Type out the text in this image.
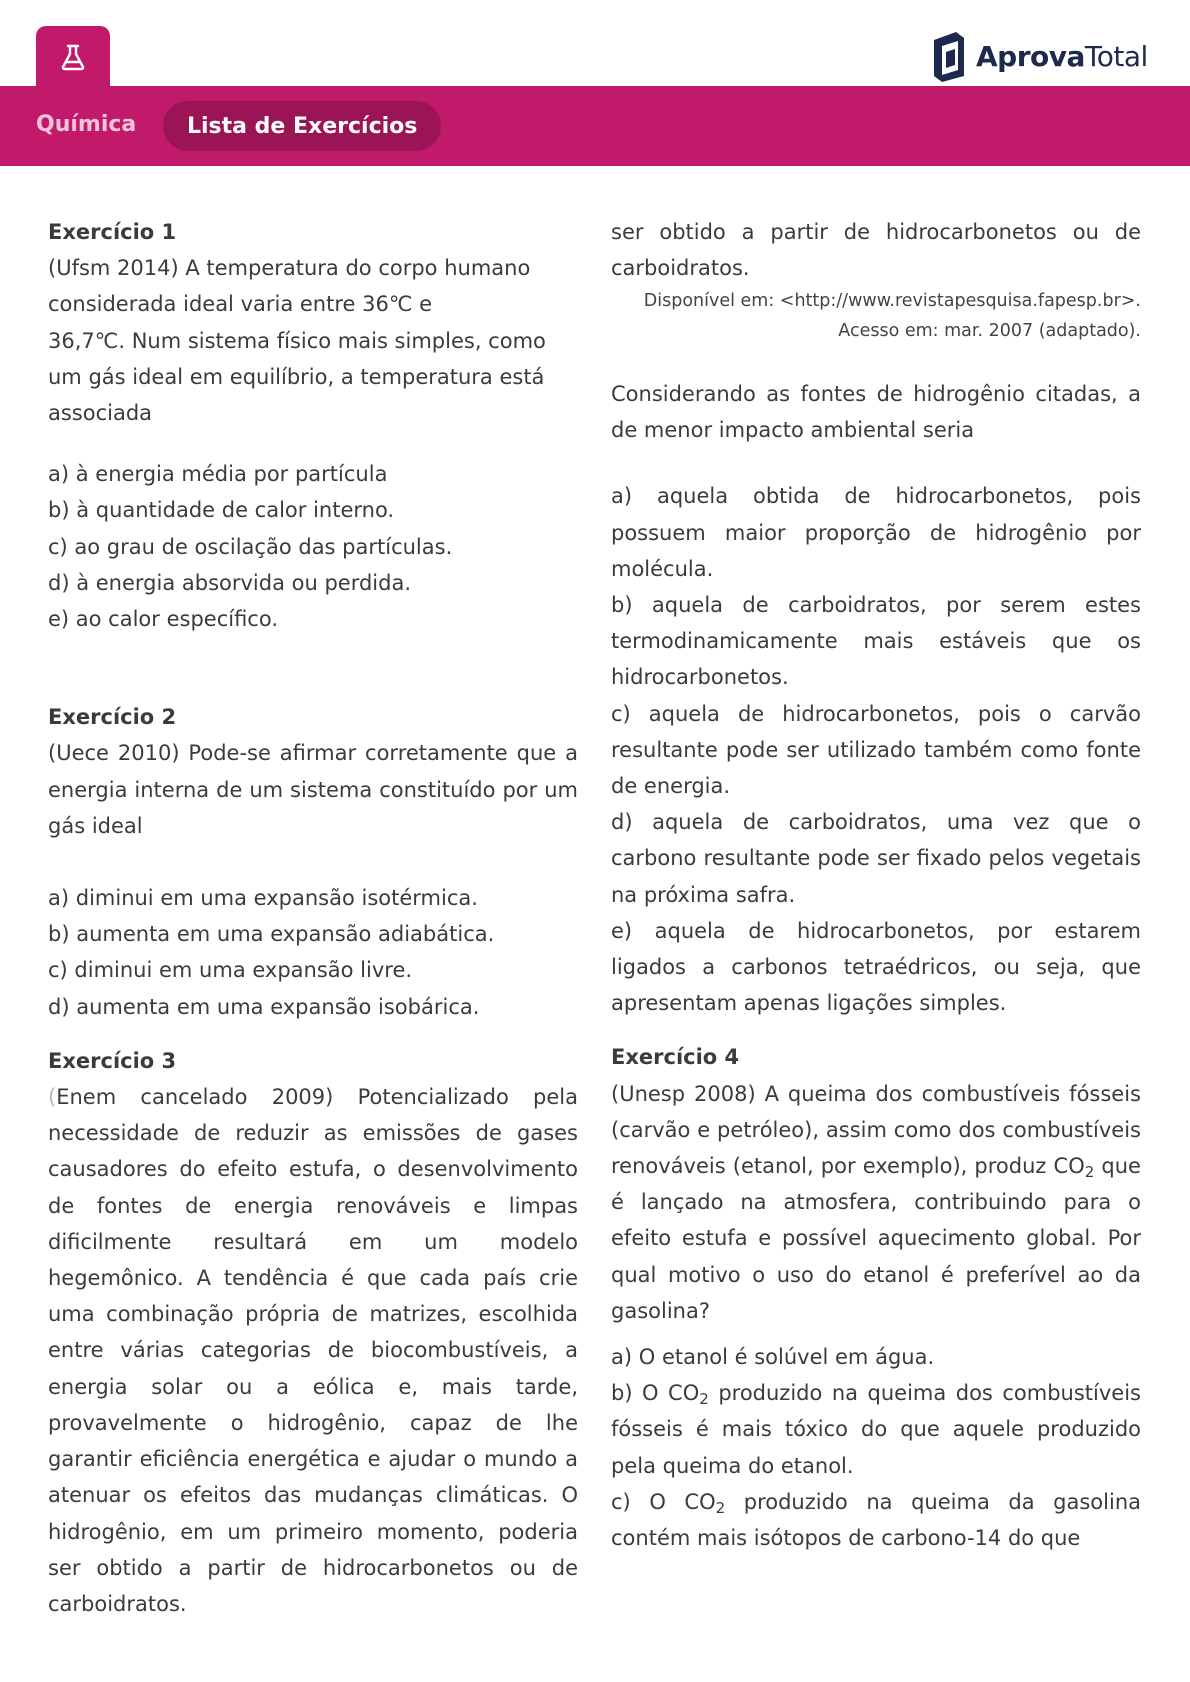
Química	Lista de Exercícios
AprovaTotal
Exercício 1
(Ufsm 2014) A temperatura do corpo humano
considerada ideal varia entre 36℃ e
36,7℃. Num sistema físico mais simples, como
um gás ideal em equilíbrio, a temperatura está
associada

a) à energia média por partícula

b) à quantidade de calor interno.

c) ao grau de oscilação das partículas.

d) à energia absorvida ou perdida.

e) ao calor específico.

Exercício 2

(Uece 2010) Pode-se afirmar corretamente que a energia interna de um sistema constituído por um gás ideal

a) diminui em uma expansão isotérmica.

b) aumenta em uma expansão adiabática.

c) diminui em uma expansão livre.

d) aumenta em uma expansão isobárica.

Exercício 3

(Enem cancelado 2009) Potencializado pela necessidade de reduzir as emissões de gases causadores do efeito estufa, o desenvolvimento de fontes de energia renováveis e limpas dificilmente resultará em um modelo hegemônico. A tendência é que cada país crie uma combinação própria de matrizes, escolhida entre várias categorias de biocombustíveis, a energia solar ou a eólica e, mais tarde, provavelmente o hidrogênio, capaz de lhe garantir eficiência energética e ajudar o mundo a atenuar os efeitos das mudanças climáticas. O hidrogênio, em um primeiro momento, poderia ser obtido a partir de hidrocarbonetos ou de carboidratos.

ser obtido a partir de hidrocarbonetos ou de carboidratos.

Disponível em: <http://www.revistapesquisa.fapesp.br>.
Acesso em: mar. 2007 (adaptado).

Considerando as fontes de hidrogênio citadas, a de menor impacto ambiental seria

a) aquela obtida de hidrocarbonetos, pois possuem maior proporção de hidrogênio por molécula.

b) aquela de carboidratos, por serem estes termodinamicamente mais estáveis que os hidrocarbonetos.

c) aquela de hidrocarbonetos, pois o carvão resultante pode ser utilizado também como fonte de energia.

d) aquela de carboidratos, uma vez que o carbono resultante pode ser fixado pelos vegetais na próxima safra.

e) aquela de hidrocarbonetos, por estarem ligados a carbonos tetraédricos, ou seja, que apresentam apenas ligações simples.

Exercício 4

(Unesp 2008) A queima dos combustíveis fósseis (carvão e petróleo), assim como dos combustíveis renováveis (etanol, por exemplo), produz $CO_2$ que é lançado na atmosfera, contribuindo para o efeito estufa e possível aquecimento global. Por qual motivo o uso do etanol é preferível ao da gasolina?

a) O etanol é solúvel em água.

b) O $CO_2$ produzido na queima dos combustíveis fósseis é mais tóxico do que aquele produzido pela queima do etanol.

c) O $CO_2$ produzido na queima da gasolina contém mais isótopos de carbono-14 do que
